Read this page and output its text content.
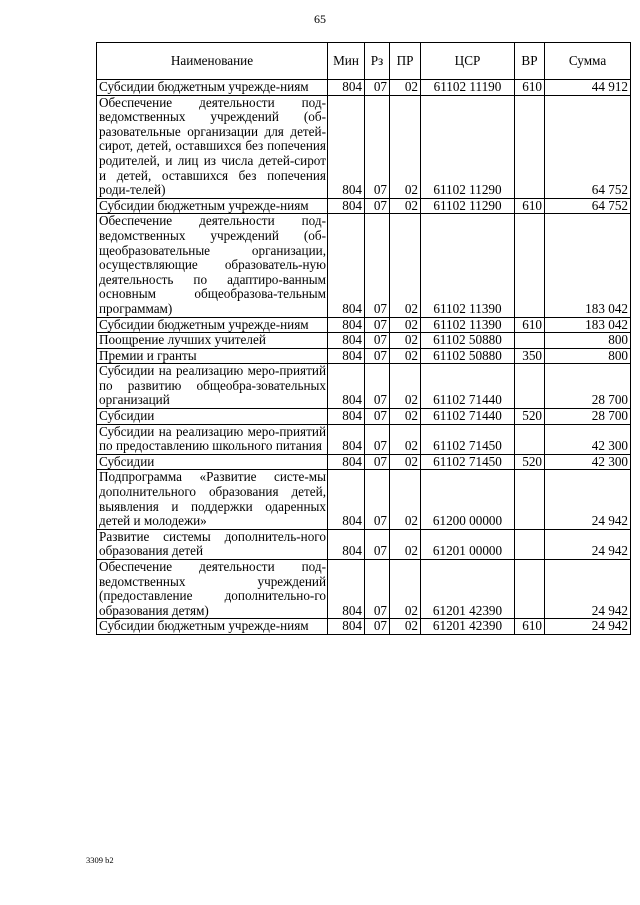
65
Наименование	Мин	Рз	ПР	ЦСР	ВР	Сумма
Субсидии бюджетным учрежде-ниям	804	07	02	61102 11190	610	44 912
Обеспечение деятельности под-ведомственных учреждений (об-разовательные организации для детей-сирот, детей, оставшихся без попечения родителей, и лиц из числа детей-сирот и детей, оставшихся без попечения роди-телей)	804	07	02	61102 11290		64 752
Субсидии бюджетным учрежде-ниям	804	07	02	61102 11290	610	64 752
Обеспечение деятельности под-ведомственных учреждений (об-щеобразовательные организации, осуществляющие образователь-ную деятельность по адаптиро-ванным основным общеобразова-тельным программам)	804	07	02	61102 11390		183 042
Субсидии бюджетным учрежде-ниям	804	07	02	61102 11390	610	183 042
Поощрение лучших учителей	804	07	02	61102 50880		800
Премии и гранты	804	07	02	61102 50880	350	800
Субсидии на реализацию меро-приятий по развитию общеобра-зовательных организаций	804	07	02	61102 71440		28 700
Субсидии	804	07	02	61102 71440	520	28 700
Субсидии на реализацию меро-приятий по предоставлению школьного питания	804	07	02	61102 71450		42 300
Субсидии	804	07	02	61102 71450	520	42 300
Подпрограмма «Развитие систе-мы дополнительного образования детей, выявления и поддержки одаренных детей и молодежи»	804	07	02	61200 00000		24 942
Развитие системы дополнитель-ного образования детей	804	07	02	61201 00000		24 942
Обеспечение деятельности под-ведомственных учреждений (предоставление дополнительно-го образования детям)	804	07	02	61201 42390		24 942
Субсидии бюджетным учрежде-ниям	804	07	02	61201 42390	610	24 942
3309 b2
